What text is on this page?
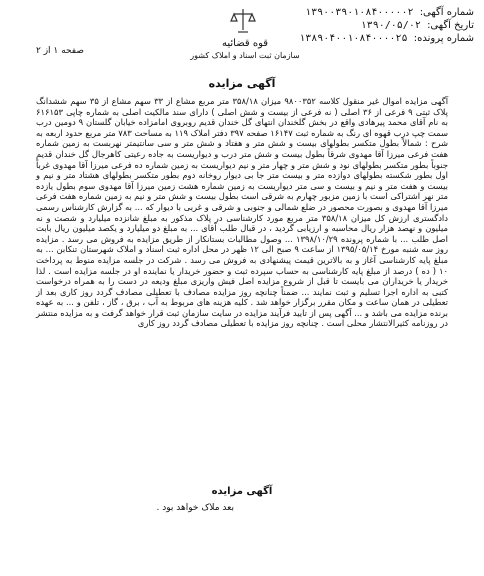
قوه قضائیه
سازمان ثبت اسناد و املاک کشور
شماره آگهی: ۱۳۹۰۰۳۹۰۱۰۸۴۰۰۰۰۰۲
تاریخ آگهی: ۱۳۹۰/۰۵/۰۲
شماره پرونده: ۱۳۸۹۰۴۰۰۱۰۸۴۰۰۰۰۲۵
صفحه ۱ از ۲
آگهی مزایده
آگهی مزایده اموال غیر منقول کلاسه ۹۸۰۰۳۵۲ میزان ۳۵۸/۱۸ متر مربع مشاع از ۳۳ سهم مشاع از ۳۵ سهم ششدانگ پلاک ثبتی ۹ فرعی از ۳۶ اصلی ( نه فرعی از بیست و شش اصلی ) دارای سند مالکیت اصلی به شماره چاپی ۶۱۶۱۵۳ به نام آقای محمد پیرهادی واقع در بخش گلخندان انتهای گل خندان قدیم روبروی امامزاده خیابان گلستان ۹ دومین درب سمت چپ درب قهوه ای رنگ به شماره ثبت ۱۶۱۴۷ صفحه ۳۹۷ دفتر املاک ۱۱۹ به مساحت ۷۸۳ متر مربع حدود اربعه به شرح : شمالاً بطول متکسر بطولهای بیست و شش متر و هفتاد و شش متر و سی سانتیمتر نهربست به زمین شماره هفت فرعی میرزا آقا مهدوی شرقاً بطول بیست و شش متر درب و دیواریست به جاده رعیتی کاهرجال گل خندان قدیم جنوباً بطور متکسر بطولهای نود و شش متر و چهار متر و نیم دیواریست به زمین شماره ده فرعی میرزا آقا مهدوی غرباً اول بطور شکسته بطولهای دوازده متر و بیست متر جا بی دیوار روخانه دوم بطور متکسر بطولهای هشتاد متر و نیم و بیست و هفت متر و نیم و بیست و سی متر دیواریست به زمین شماره هشت زمین میرزا آقا مهدوی سوم بطول یازده متر نهر اشتراکی است با زمین مزبور چهارم به شرقی است بطول بیست و شش متر و نیم به زمین شماره هفت فرعی میرزا آقا مهدوی و بصورت محصور در ضلع شمالی و جنوبی و شرقی و غربی با دیوار که ... به گزارش کارشناس رسمی دادگستری ارزش کل میزان ۳۵۸/۱۸ متر مربع مورد کارشناسی در پلاک مذکور به مبلغ شانزده میلیارد و شصت و نه میلیون و نهصد هزار ریال محاسبه و ارزیابی گردید ، در قبال طلب آقای ... به مبلغ دو میلیارد و یکصد میلیون ریال بابت اصل طلب ... با شماره پرونده ۱۳۹۸/۱۰/۲۹ ... وصول مطالبات بستانکار از طریق مزایده به فروش می رسد . مزایده روز سه شنبه مورخ ۱۳۹۵/۰۵/۱۴ از ساعت ۹ صبح الی ۱۲ ظهر در محل اداره ثبت اسناد و املاک شهرستان تنکابن ... به مبلغ پایه کارشناسی آغاز و به بالاترین قیمت پیشنهادی به فروش می رسد . شرکت در جلسه مزایده منوط به پرداخت ۱۰ ( ده ) درصد از مبلغ پایه کارشناسی به حساب سپرده ثبت و حضور خریدار یا نماینده او در جلسه مزایده است . لذا خریدار یا خریداران می بایست تا قبل از شروع مزایده اصل فیش واریزی مبلغ ودیعه در دست را به همراه درخواست کتبی به اداره اجرا تسلیم و ثبت نمایند ... ضمناً چنانچه روز مزایده مصادف با تعطیلی مصادف گردد روز کاری بعد از تعطیلی در همان ساعت و مکان مقرر برگزار خواهد شد . کلیه هزینه های مربوط به آب ، برق ، گاز ، تلفن و ... به عهده برنده مزایده می باشد و ... آگهی پس از تایید فرآیند مزایده در سایت سازمان ثبت قرار خواهد گرفت و به مزایده منتشر در روزنامه کثیرالانتشار محلی است . چنانچه روز مزایده با تعطیلی مصادف گردد روز کاری
آگهی مزایده
بعد ملاک خواهد بود .
